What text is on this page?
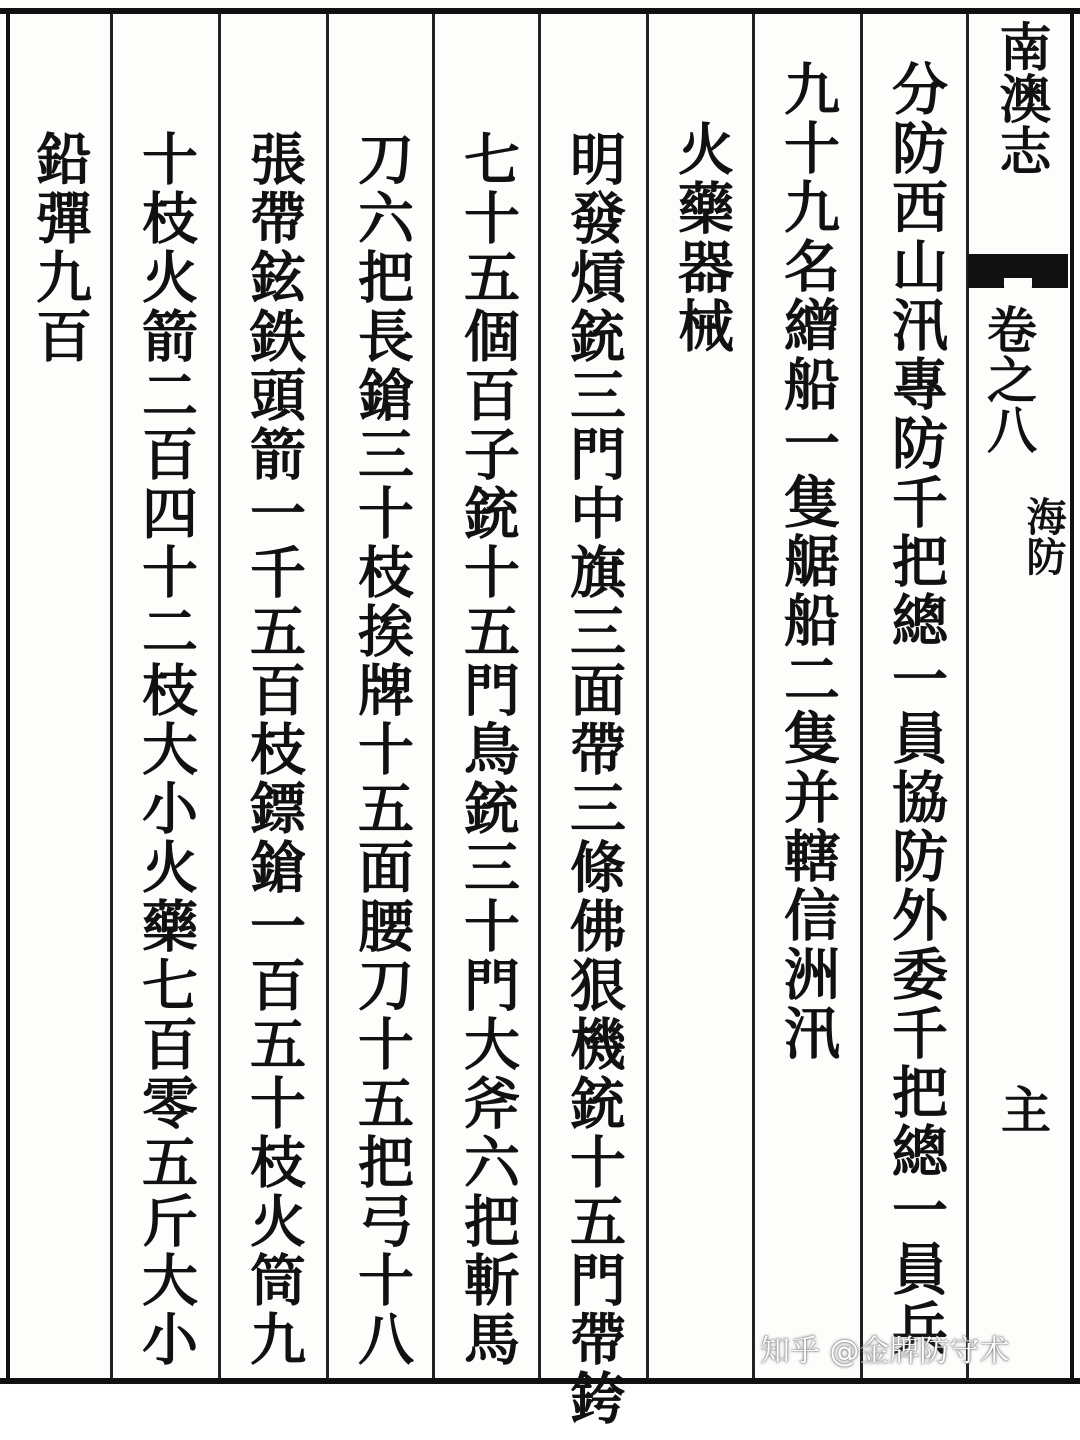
南澳志
卷之八
海防
主
分防西山汛專防千把總一員協防外委千把總一員兵
九十九名繒船一隻艍船二隻并轄信洲汛
火藥器械
明發熕銃三門中旗三面帶三條佛狠機銃十五門帶銙
七十五個百子銃十五門鳥銃三十門大斧六把斬馬
刀六把長鎗三十枝挨牌十五面腰刀十五把弓十八
張帶鉉鉄頭箭一千五百枝鏢鎗一百五十枝火筒九
十枝火箭二百四十二枝大小火藥七百零五斤大小
鉛彈九百
知乎 @金牌防守术
